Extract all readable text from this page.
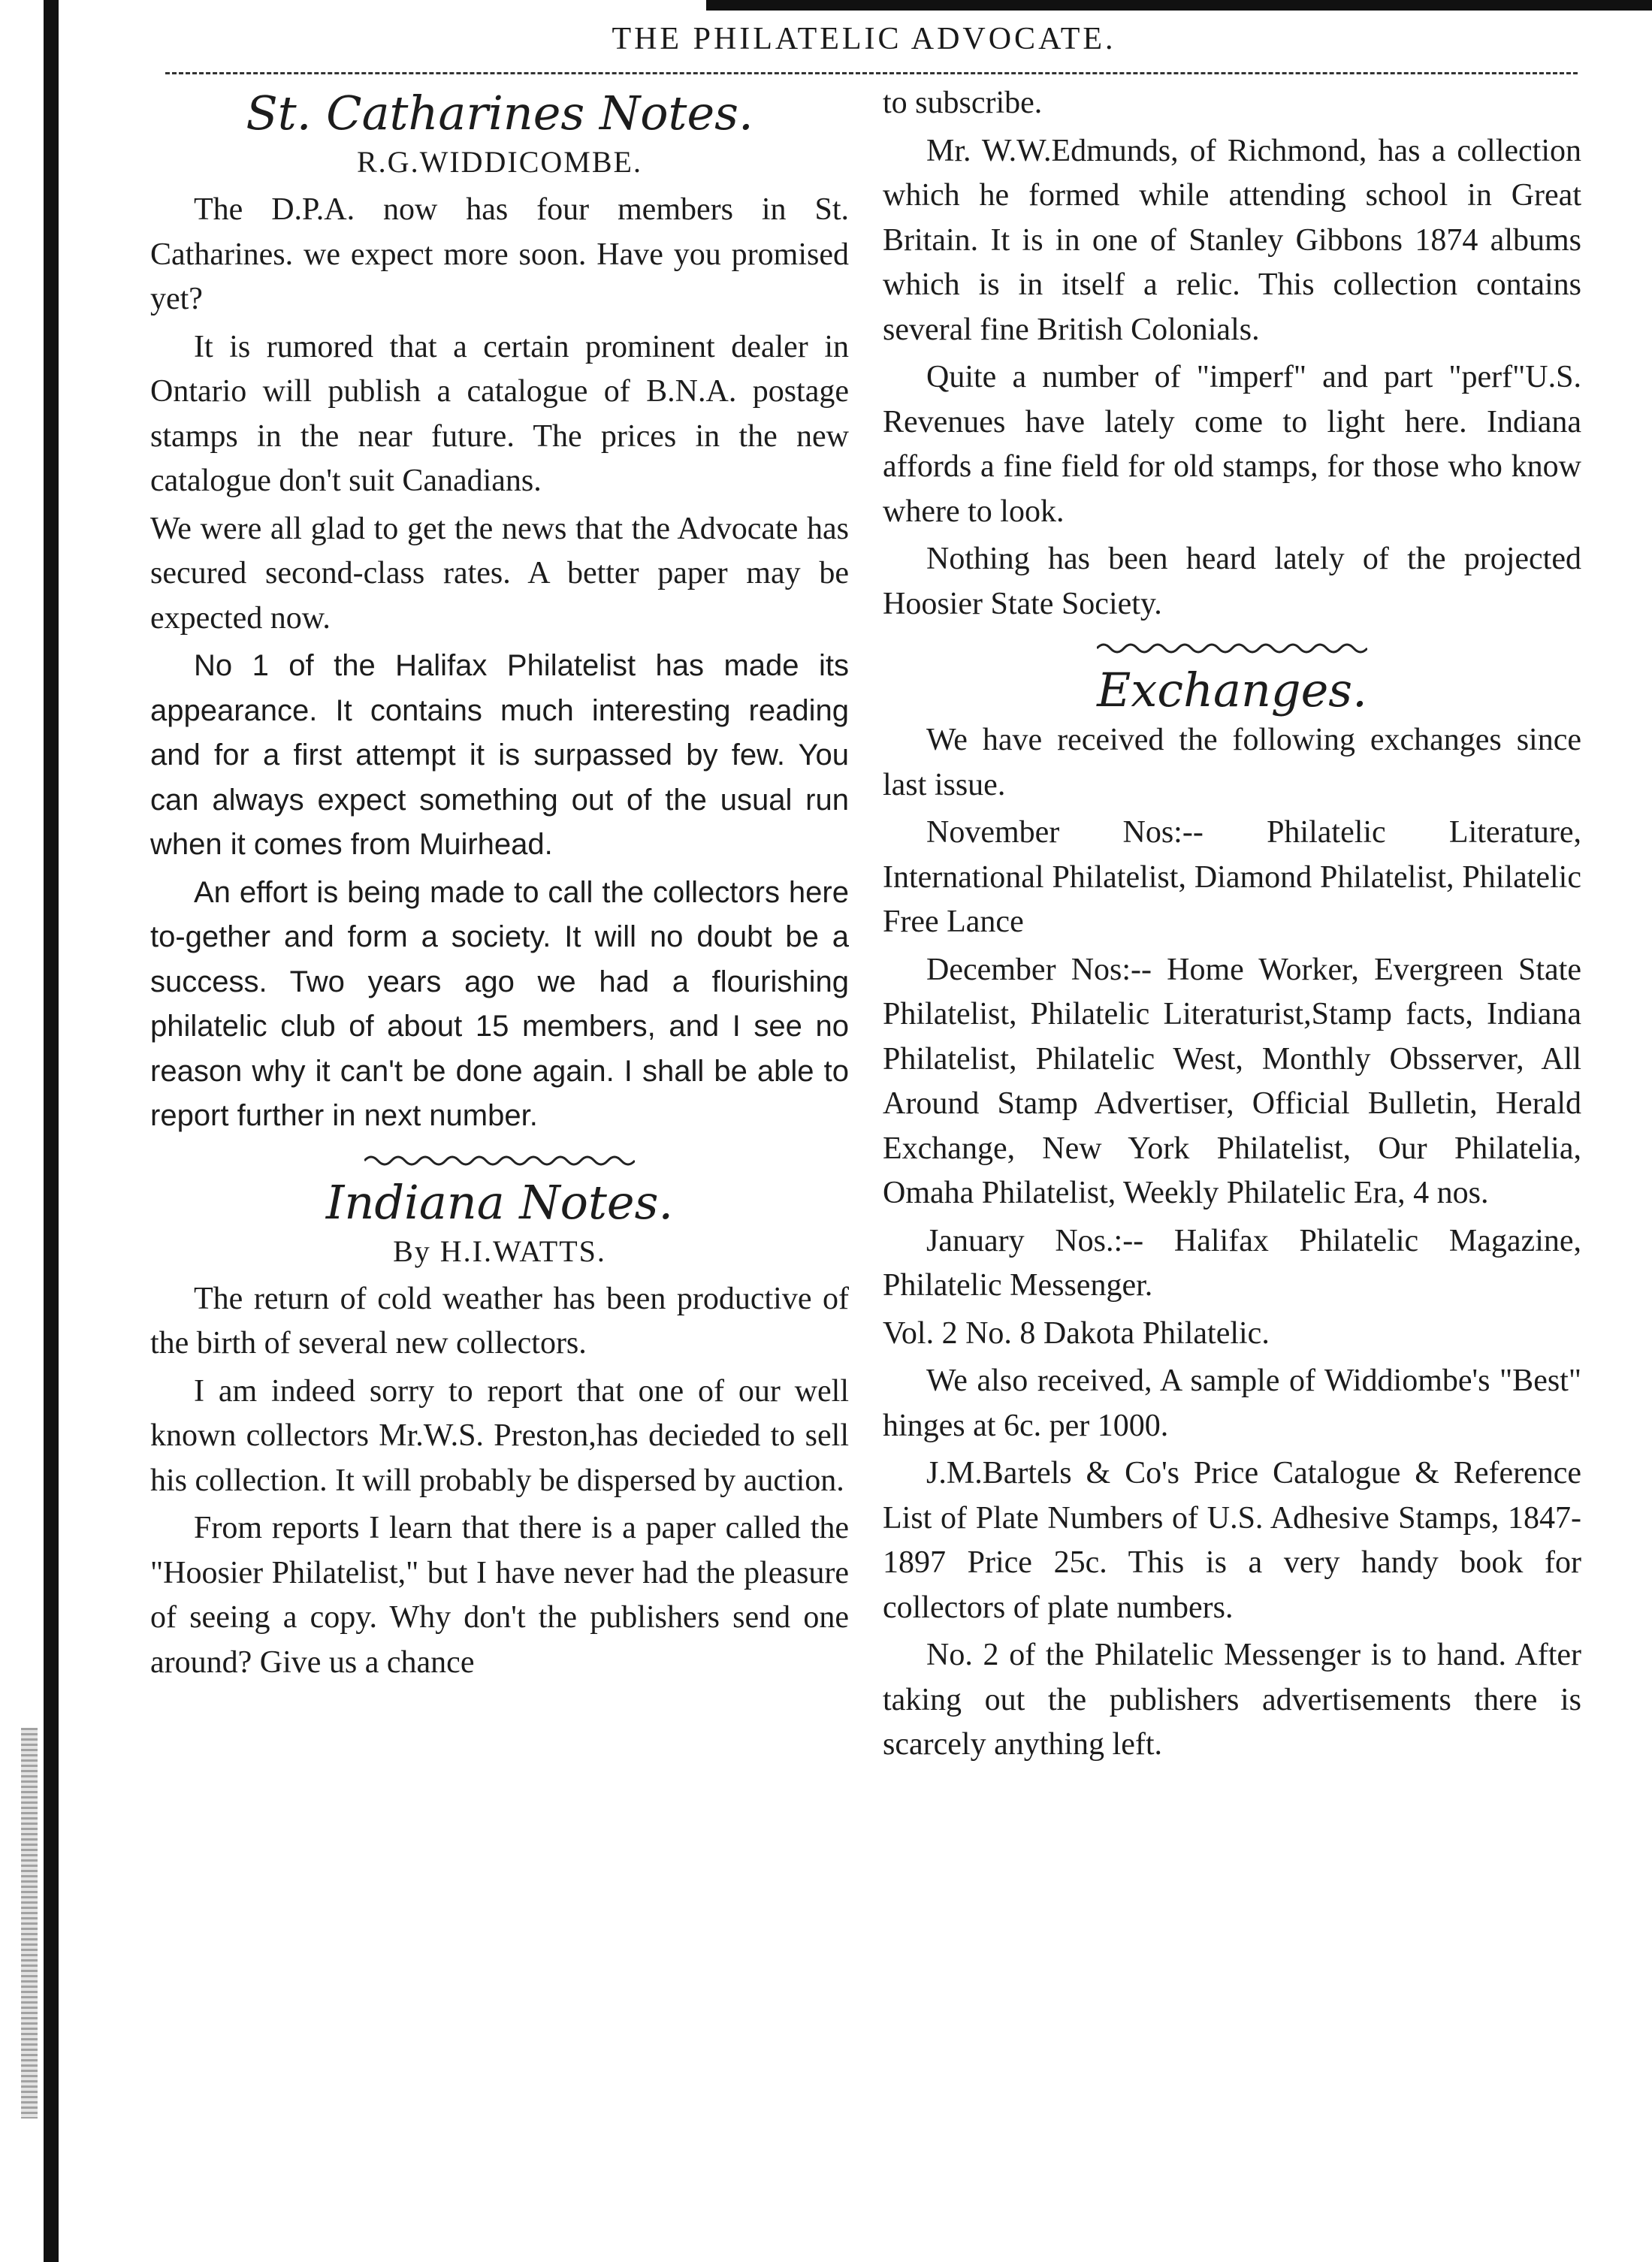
THE PHILATELIC ADVOCATE.
St. Catharines Notes.
R.G.WIDDICOMBE.

The D.P.A. now has four members in St. Catharines. we expect more soon. Have you promised yet?

It is rumored that a certain prominent dealer in Ontario will publish a catalogue of B.N.A. postage stamps in the near future. The prices in the new catalogue don't suit Canadians.

We were all glad to get the news that the Advocate has secured second-class rates. A better paper may be expected now.

No 1 of the Halifax Philatelist has made its appearance. It contains much interesting reading and for a first attempt it is surpassed by few. You can always expect something out of the usual run when it comes from Muirhead.

An effort is being made to call the collectors here to-gether and form a society. It will no doubt be a success. Two years ago we had a flourishing philatelic club of about 15 members, and I see no reason why it can't be done again. I shall be able to report further in next number.

Indiana Notes.
By H.I.WATTS.

The return of cold weather has been productive of the birth of several new collectors.

I am indeed sorry to report that one of our well known collectors Mr.W.S. Preston,has decieded to sell his collection. It will probably be dispersed by auction.

From reports I learn that there is a paper called the "Hoosier Philatelist," but I have never had the pleasure of seeing a copy. Why don't the publishers send one around? Give us a chance

to subscribe.

Mr. W.W.Edmunds, of Richmond, has a collection which he formed while attending school in Great Britain. It is in one of Stanley Gibbons 1874 albums which is in itself a relic. This collection contains several fine British Colonials.

Quite a number of "imperf" and part "perf"U.S. Revenues have lately come to light here. Indiana affords a fine field for old stamps, for those who know where to look.

Nothing has been heard lately of the projected Hoosier State Society.

Exchanges.

We have received the following exchanges since last issue.

November Nos:-- Philatelic Literature, International Philatelist, Diamond Philatelist, Philatelic Free Lance

December Nos:-- Home Worker, Evergreen State Philatelist, Philatelic Literaturist,Stamp facts, Indiana Philatelist, Philatelic West, Monthly Obsserver, All Around Stamp Advertiser, Official Bulletin, Herald Exchange, New York Philatelist, Our Philatelia, Omaha Philatelist, Weekly Philatelic Era, 4 nos.

January Nos.:-- Halifax Philatelic Magazine, Philatelic Messenger.

Vol. 2 No. 8 Dakota Philatelic.

We also received, A sample of Widdiombe's "Best" hinges at 6c. per 1000.

J.M.Bartels & Co's Price Catalogue & Reference List of Plate Numbers of U.S. Adhesive Stamps, 1847-1897 Price 25c. This is a very handy book for collectors of plate numbers.

No. 2 of the Philatelic Messenger is to hand. After taking out the publishers advertisements there is scarcely anything left.
